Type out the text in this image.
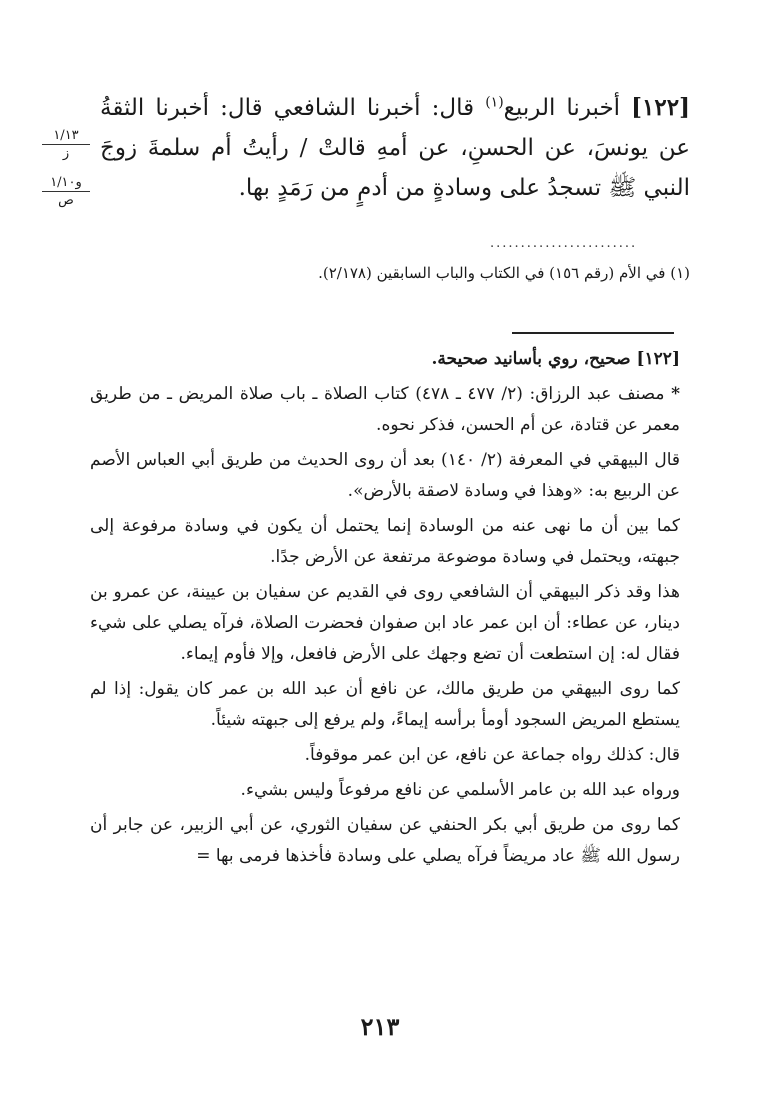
[١٢٢] أخبرنا الربيع$^{(١)}$ قال: أخبرنا الشافعي قال: أخبرنا الثقةُ عن يونسَ، عن الحسنِ، عن أمهِ قالتْ / رأيتُ أم سلمةَ زوجَ النبي ﷺ تسجدُ على وسادةٍ من أدمٍ من رَمَدٍ بها.

١/١٣
ز
و١/١٠
ص
........................
(١) في الأم (رقم ١٥٦) في الكتاب والباب السابقين (٢/١٧٨).

[١٢٢] صحيح، روي بأسانيد صحيحة.

* مصنف عبد الرزاق: (٢/ ٤٧٧ ـ ٤٧٨) كتاب الصلاة ـ باب صلاة المريض ـ من طريق معمر عن قتادة، عن أم الحسن، فذكر نحوه.

قال البيهقي في المعرفة (٢/ ١٤٠) بعد أن روى الحديث من طريق أبي العباس الأصم عن الربيع به: «وهذا في وسادة لاصقة بالأرض».

كما بين أن ما نهى عنه من الوسادة إنما يحتمل أن يكون في وسادة مرفوعة إلى جبهته، ويحتمل في وسادة موضوعة مرتفعة عن الأرض جدًا.

هذا وقد ذكر البيهقي أن الشافعي روى في القديم عن سفيان بن عيينة، عن عمرو بن دينار، عن عطاء: أن ابن عمر عاد ابن صفوان فحضرت الصلاة، فرآه يصلي على شيء فقال له: إن استطعت أن تضع وجهك على الأرض فافعل، وإلا فأوم إيماء.

كما روى البيهقي من طريق مالك، عن نافع أن عبد الله بن عمر كان يقول: إذا لم يستطع المريض السجود أومأ برأسه إيماءً، ولم يرفع إلى جبهته شيئاً.

قال: كذلك رواه جماعة عن نافع، عن ابن عمر موقوفاً.

ورواه عبد الله بن عامر الأسلمي عن نافع مرفوعاً وليس بشيء.

كما روى من طريق أبي بكر الحنفي عن سفيان الثوري، عن أبي الزبير، عن جابر أن رسول الله ﷺ عاد مريضاً فرآه يصلي على وسادة فأخذها فرمى بها =

٢١٣
